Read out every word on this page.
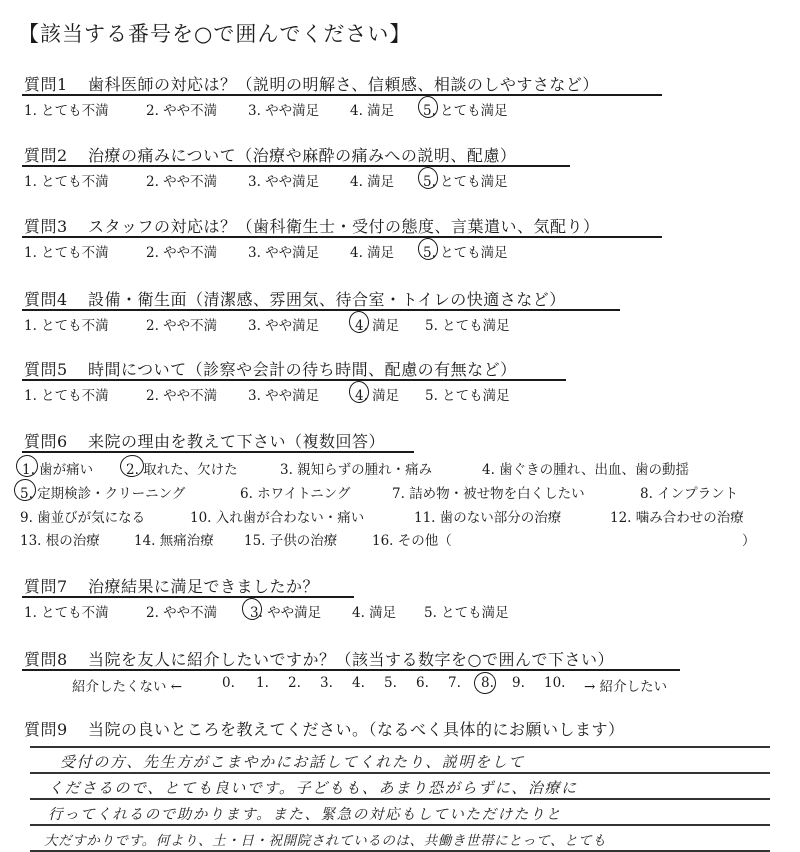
【該当する番号を○で囲んでください】
質問1 歯科医師の対応は？（説明の明解さ、信頼感、相談のしやすさなど）
1. とても不満	2. やや不満 3. やや満足 4. 満足 5. とても満足
質問2 治療の痛みについて（治療や麻酔の痛みへの説明、配慮）
1. とても不満	2. やや不満 3. やや満足 4. 満足 5. とても満足
質問3 スタッフの対応は？（歯科衛生士・受付の態度、言葉遣い、気配り）
1. とても不満	2. やや不満 3. やや満足 4. 満足 5. とても満足
質問4 設備・衛生面（清潔感、雰囲気、待合室・トイレの快適さなど）
1. とても不満	2. やや不満 3. やや満足	4. 満足 5. とても満足
質問5 時間について（診察や会計の待ち時間、配慮の有無など）
1. とても不満	2. やや不満 3. やや満足	4. 満足 5. とても満足
質問6 来院の理由を教えて下さい（複数回答）
1. 歯が痛い 2. 取れた、欠けた	3. 親知らずの腫れ・痛み	4. 歯ぐきの腫れ、出血、歯の動揺
5. 定期検診・クリーニング	6. ホワイトニング	7. 詰め物・被せ物を白くしたい	8. インプラント
9. 歯並びが気になる	10. 入れ歯が合わない・痛い	11. 歯のない部分の治療	12. 噛み合わせの治療
13. 根の治療	14. 無痛治療 15. 子供の治療	16. その他（	）
質問7 治療結果に満足できましたか？
1. とても不満	2. やや不満 3. やや満足 4. 満足 5. とても満足
質問8 当院を友人に紹介したいですか？（該当する数字を○で囲んで下さい）
紹介したくない ←	0. 1. 2. 3. 4. 5. 6. 7. 8. 9. 10. → 紹介したい
質問9 当院の良いところを教えてください。（なるべく具体的にお願いします）
受付の方、先生方がこまやかにお話してくれたり、説明をして
くださるので、とても良いです。子どもも、あまり恐がらずに、治療に
行ってくれるので助かります。また、緊急の対応もしていただけたりと
大だすかりです。何より、土・日・祝開院されているのは、共働き世帯にとって、とても
